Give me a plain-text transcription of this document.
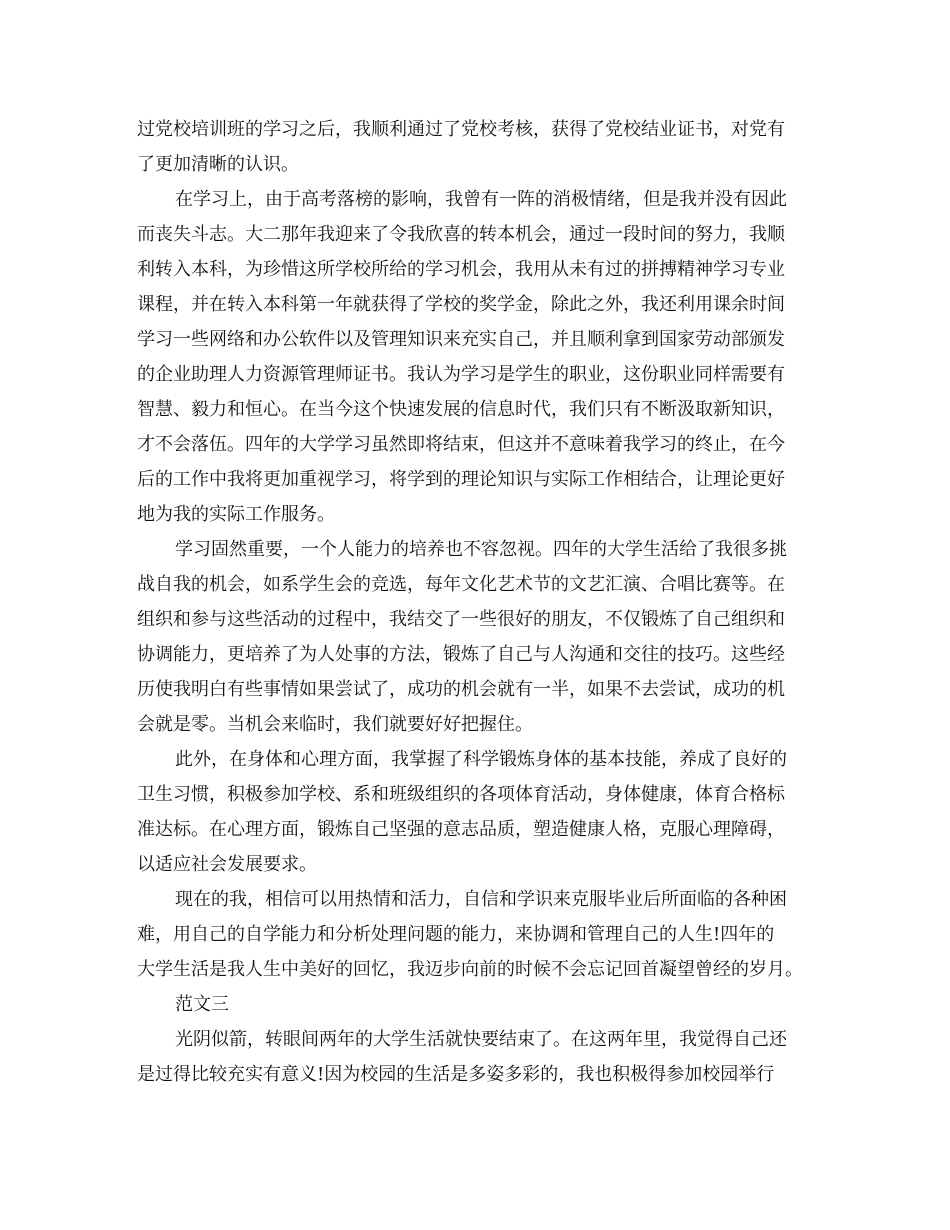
过党校培训班的学习之后，我顺利通过了党校考核，获得了党校结业证书，对党有
了更加清晰的认识。
在学习上，由于高考落榜的影响，我曾有一阵的消极情绪，但是我并没有因此
而丧失斗志。大二那年我迎来了令我欣喜的转本机会，通过一段时间的努力，我顺
利转入本科，为珍惜这所学校所给的学习机会，我用从未有过的拼搏精神学习专业
课程，并在转入本科第一年就获得了学校的奖学金，除此之外，我还利用课余时间
学习一些网络和办公软件以及管理知识来充实自己，并且顺利拿到国家劳动部颁发
的企业助理人力资源管理师证书。我认为学习是学生的职业，这份职业同样需要有
智慧、毅力和恒心。在当今这个快速发展的信息时代，我们只有不断汲取新知识，
才不会落伍。四年的大学学习虽然即将结束，但这并不意味着我学习的终止，在今
后的工作中我将更加重视学习，将学到的理论知识与实际工作相结合，让理论更好
地为我的实际工作服务。
学习固然重要，一个人能力的培养也不容忽视。四年的大学生活给了我很多挑
战自我的机会，如系学生会的竞选，每年文化艺术节的文艺汇演、合唱比赛等。在
组织和参与这些活动的过程中，我结交了一些很好的朋友，不仅锻炼了自己组织和
协调能力，更培养了为人处事的方法，锻炼了自己与人沟通和交往的技巧。这些经
历使我明白有些事情如果尝试了，成功的机会就有一半，如果不去尝试，成功的机
会就是零。当机会来临时，我们就要好好把握住。
此外，在身体和心理方面，我掌握了科学锻炼身体的基本技能，养成了良好的
卫生习惯，积极参加学校、系和班级组织的各项体育活动，身体健康，体育合格标
准达标。在心理方面，锻炼自己坚强的意志品质，塑造健康人格，克服心理障碍，
以适应社会发展要求。
现在的我，相信可以用热情和活力，自信和学识来克服毕业后所面临的各种困
难，用自己的自学能力和分析处理问题的能力，来协调和管理自己的人生!四年的
大学生活是我人生中美好的回忆，我迈步向前的时候不会忘记回首凝望曾经的岁月。
范文三
光阴似箭，转眼间两年的大学生活就快要结束了。在这两年里，我觉得自己还
是过得比较充实有意义!因为校园的生活是多姿多彩的，我也积极得参加校园举行
